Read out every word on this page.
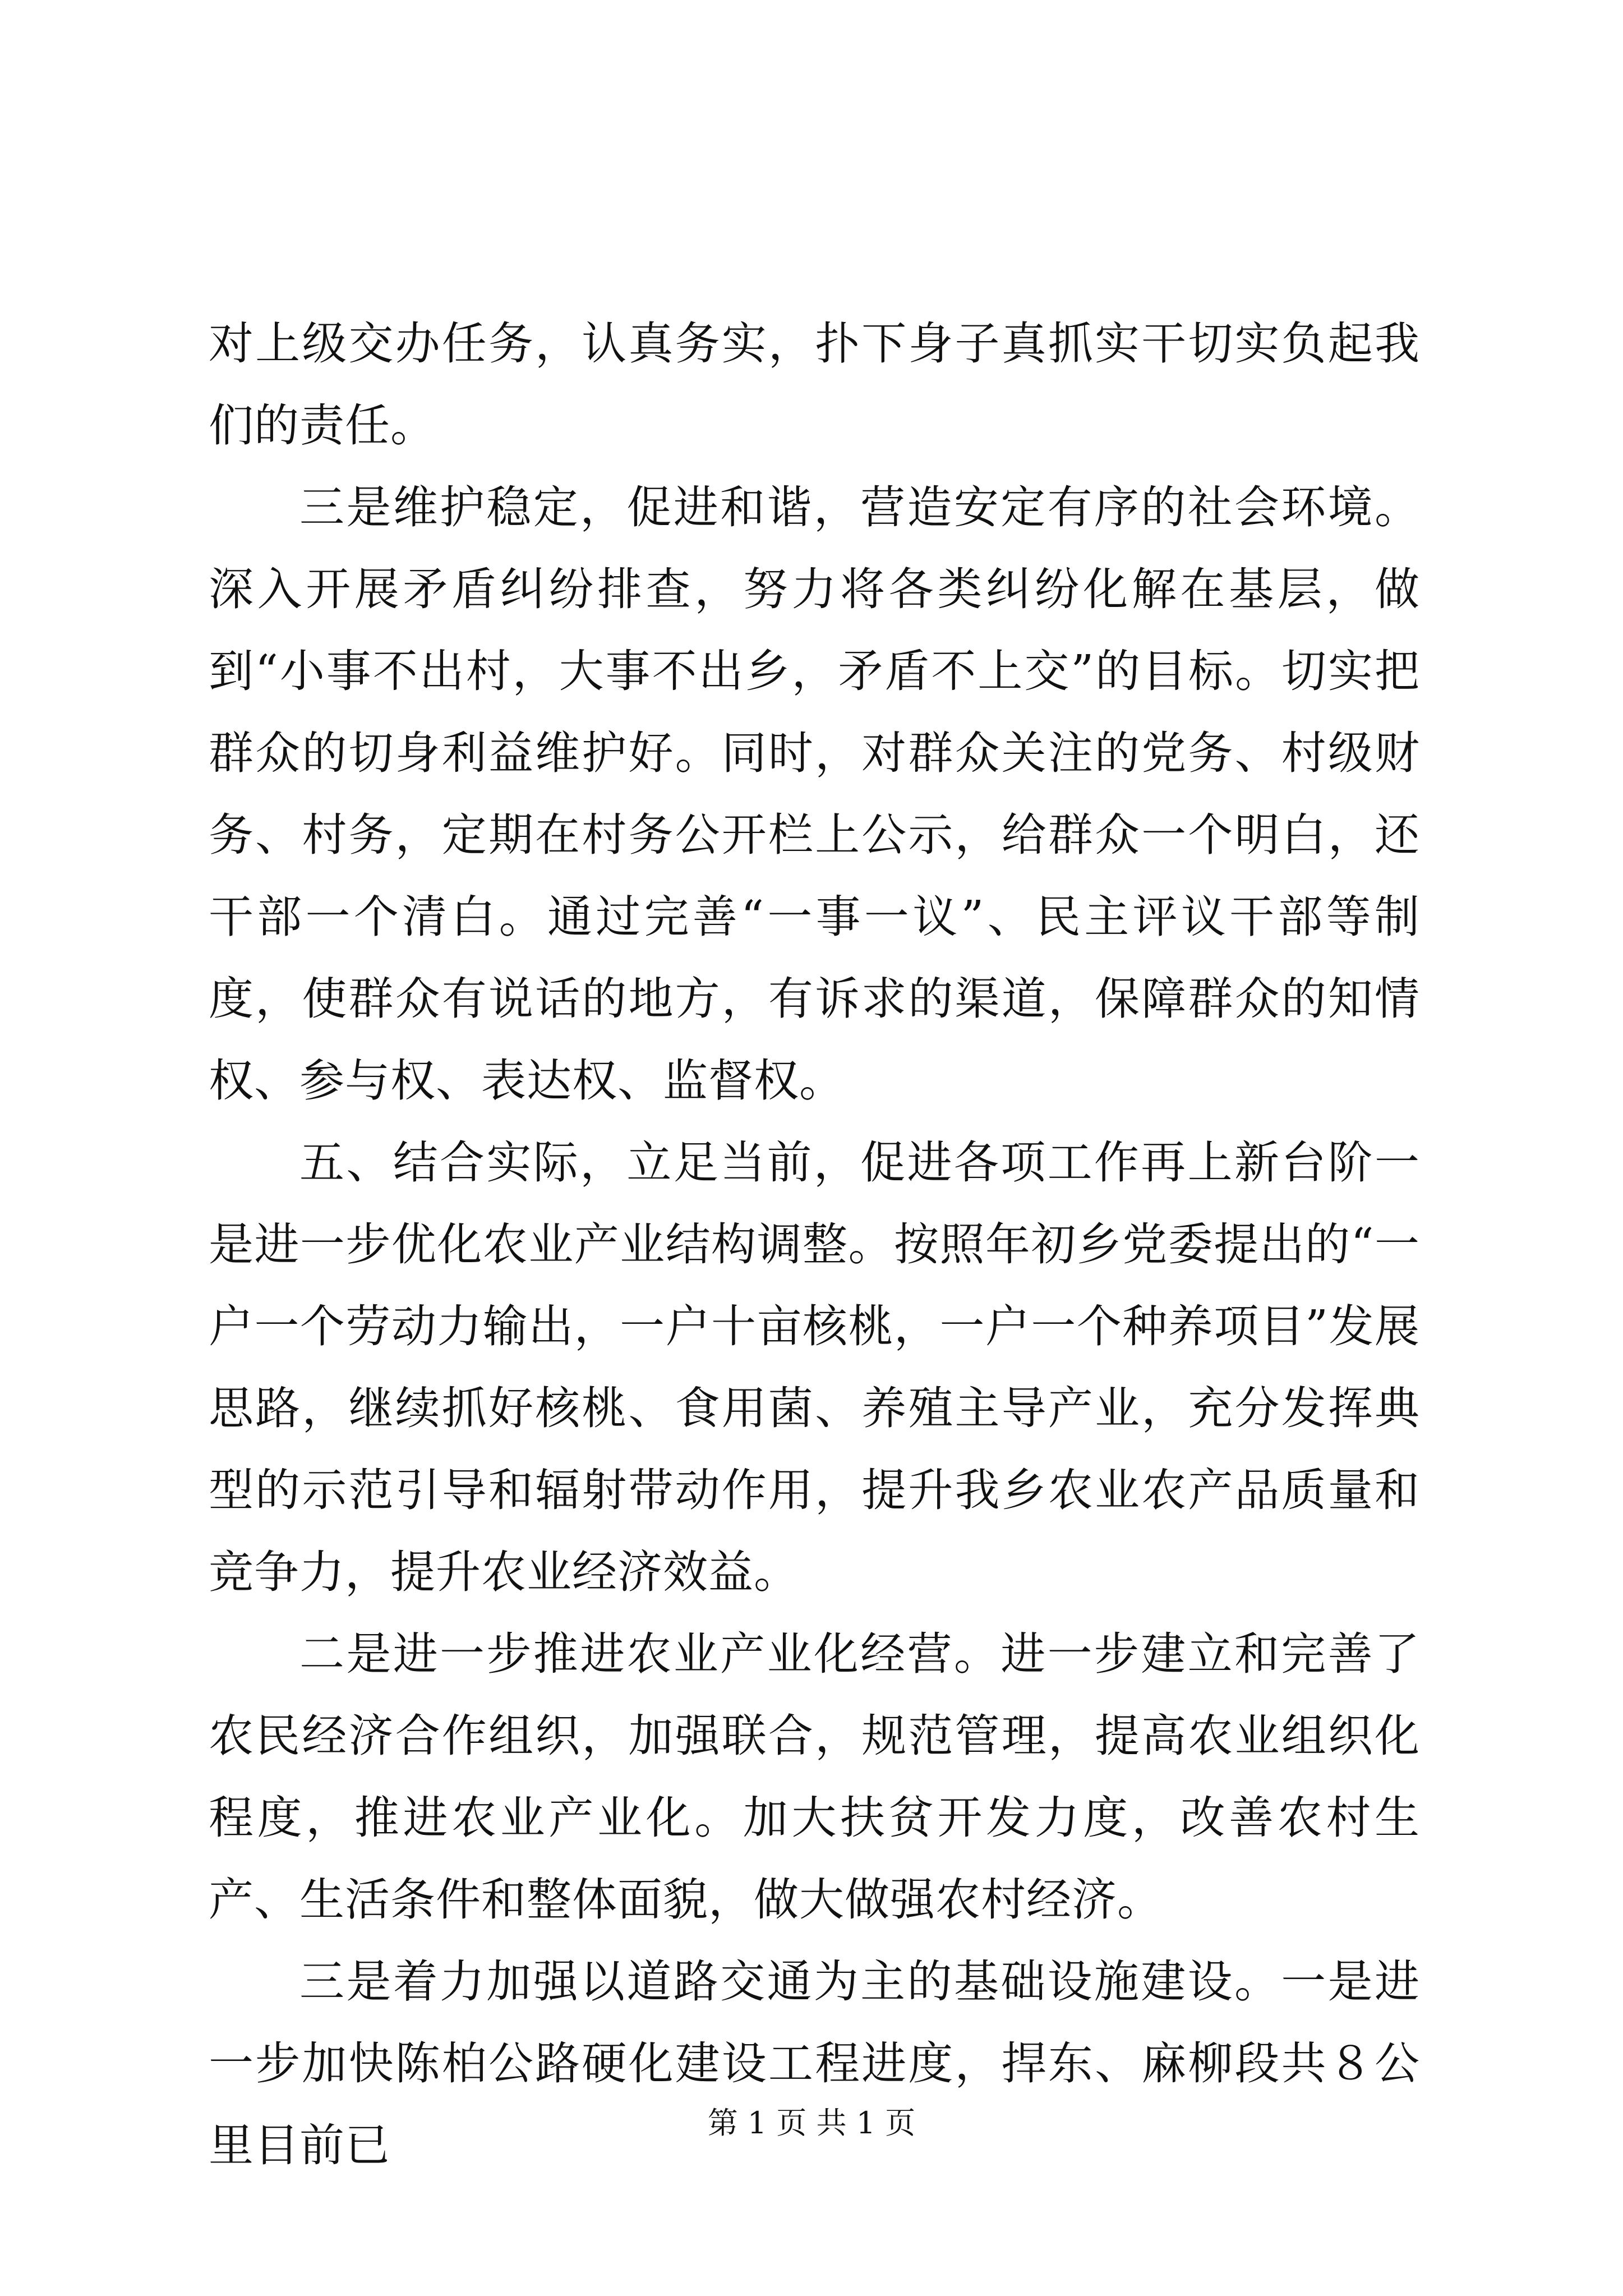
对上级交办任务，认真务实，扑下身子真抓实干切实负起我们的责任。

三是维护稳定，促进和谐，营造安定有序的社会环境。深入开展矛盾纠纷排查，努力将各类纠纷化解在基层，做到“小事不出村，大事不出乡，矛盾不上交”的目标。切实把群众的切身利益维护好。同时，对群众关注的党务、村级财务、村务，定期在村务公开栏上公示，给群众一个明白，还干部一个清白。通过完善“一事一议”、民主评议干部等制度，使群众有说话的地方，有诉求的渠道，保障群众的知情权、参与权、表达权、监督权。

五、结合实际，立足当前，促进各项工作再上新台阶一是进一步优化农业产业结构调整。按照年初乡党委提出的“一户一个劳动力输出，一户十亩核桃，一户一个种养项目”发展思路，继续抓好核桃、食用菌、养殖主导产业，充分发挥典型的示范引导和辐射带动作用，提升我乡农业农产品质量和竞争力，提升农业经济效益。

二是进一步推进农业产业化经营。进一步建立和完善了农民经济合作组织，加强联合，规范管理，提高农业组织化程度，推进农业产业化。加大扶贫开发力度，改善农村生产、生活条件和整体面貌，做大做强农村经济。

三是着力加强以道路交通为主的基础设施建设。一是进一步加快陈柏公路硬化建设工程进度，捍东、麻柳段共８公里目前已	第 1 页 共 1 页
